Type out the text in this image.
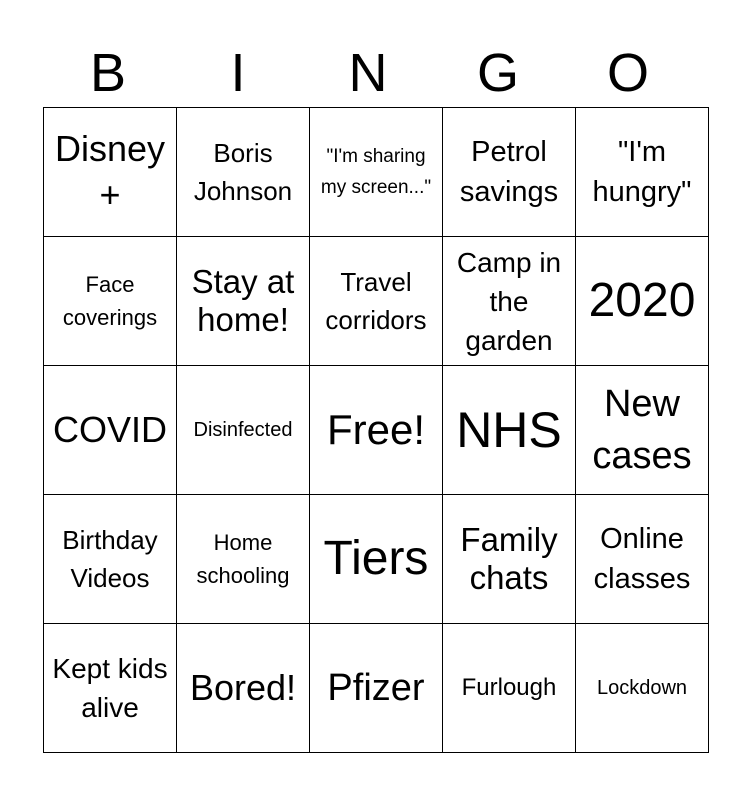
B	I	N	G	O
Disney +	Boris Johnson	"I'm sharing my screen..."	Petrol savings	"I'm hungry"

Face coverings	Stay at home!	Travel corridors	Camp in the garden	2020

COVID	Disinfected	Free!	NHS	New cases

Birthday Videos	Home schooling	Tiers	Family chats	Online classes

Kept kids alive	Bored!	Pfizer	Furlough	Lockdown
